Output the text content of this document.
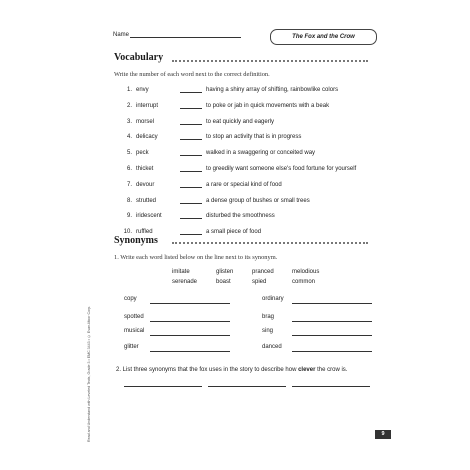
Name	The Fox and the Crow
Vocabulary
Write the number of each word next to the correct definition.
1. envy	having a shiny array of shifting, rainbowlike colors
2. interrupt	to poke or jab in quick movements with a beak
3. morsel	to eat quickly and eagerly
4. delicacy	to stop an activity that is in progress
5. peck	walked in a swaggering or conceited way
6. thicket	to greedily want someone else's food fortune for yourself
7. devour	a rare or special kind of food
8. strutted	a dense group of bushes or small trees
9. iridescent	disturbed the smoothness
10. ruffled	a small piece of food
Synonyms
1. Write each word listed below on the line next to its synonym.
imitate	glisten	pranced	melodious
serenade	boast	spied	common
copy	ordinary
spotted	brag
musical	sing
glitter	danced
2. List three synonyms that the fox uses in the story to describe how clever the crow is.
Read and Understand with Leveled Texts, Grade 3 • EMC 3443 • © Evan-Moor Corp.	9
